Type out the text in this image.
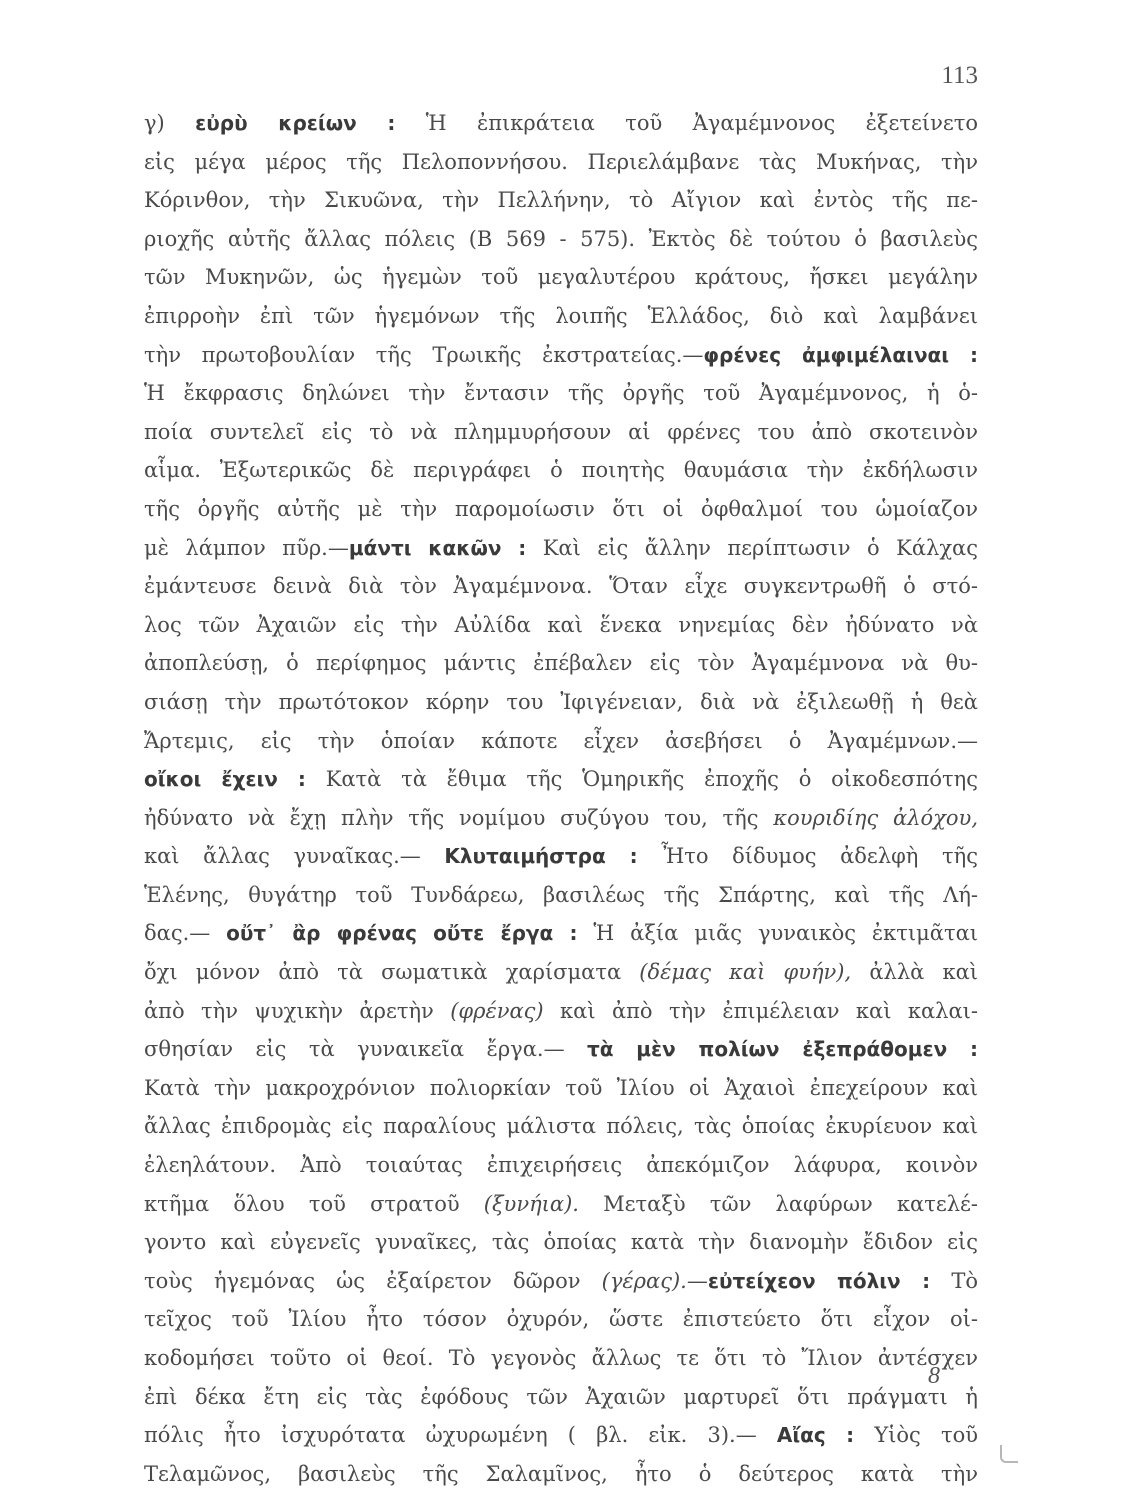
113
γ) εὐρὺ κρείων : Ἡ ἐπικράτεια τοῦ Ἀγαμέμνονος ἐξετείνετο
εἰς μέγα μέρος τῆς Πελοποννήσου. Περιελάμβανε τὰς Μυκήνας, τὴν
Κόρινθον, τὴν Σικυῶνα, τὴν Πελλήνην, τὸ Αἴγιον καὶ ἐντὸς τῆς πε-
ριοχῆς αὐτῆς ἄλλας πόλεις (B 569 - 575). Ἐκτὸς δὲ τούτου ὁ βασιλεὺς
τῶν Μυκηνῶν, ὡς ἡγεμὼν τοῦ μεγαλυτέρου κράτους, ἤσκει μεγάλην
ἐπιρροὴν ἐπὶ τῶν ἡγεμόνων τῆς λοιπῆς Ἑλλάδος, διὸ καὶ λαμβάνει
τὴν πρωτοβουλίαν τῆς Τρωικῆς ἐκστρατείας.—φρένες ἀμφιμέλαιναι :
Ἡ ἔκφρασις δηλώνει τὴν ἔντασιν τῆς ὀργῆς τοῦ Ἀγαμέμνονος, ἡ ὁ-
ποία συντελεῖ εἰς τὸ νὰ πλημμυρήσουν αἱ φρένες του ἀπὸ σκοτεινὸν
αἷμα. Ἐξωτερικῶς δὲ περιγράφει ὁ ποιητὴς θαυμάσια τὴν ἐκδήλωσιν
τῆς ὀργῆς αὐτῆς μὲ τὴν παρομοίωσιν ὅτι οἱ ὀφθαλμοί του ὡμοίαζον
μὲ λάμπον πῦρ.—μάντι κακῶν : Καὶ εἰς ἄλλην περίπτωσιν ὁ Κάλχας
ἐμάντευσε δεινὰ διὰ τὸν Ἀγαμέμνονα. Ὅταν εἶχε συγκεντρωθῆ ὁ στό-
λος τῶν Ἀχαιῶν εἰς τὴν Αὐλίδα καὶ ἕνεκα νηνεμίας δὲν ἠδύνατο νὰ
ἀποπλεύσῃ, ὁ περίφημος μάντις ἐπέβαλεν εἰς τὸν Ἀγαμέμνονα νὰ θυ-
σιάσῃ τὴν πρωτότοκον κόρην του Ἰφιγένειαν, διὰ νὰ ἐξιλεωθῇ ἡ θεὰ
Ἄρτεμις, εἰς τὴν ὁποίαν κάποτε εἶχεν ἀσεβήσει ὁ Ἀγαμέμνων.—
οἴκοι ἔχειν : Κατὰ τὰ ἔθιμα τῆς Ὁμηρικῆς ἐποχῆς ὁ οἰκοδεσπότης
ἠδύνατο νὰ ἔχῃ πλὴν τῆς νομίμου συζύγου του, τῆς κουριδίης ἀλόχου,
καὶ ἄλλας γυναῖκας.— Κλυταιμήστρα : Ἦτο δίδυμος ἀδελφὴ τῆς
Ἑλένης, θυγάτηρ τοῦ Τυνδάρεω, βασιλέως τῆς Σπάρτης, καὶ τῆς Λή-
δας.— οὔτ᾽ ἂρ φρένας οὔτε ἔργα : Ἡ ἀξία μιᾶς γυναικὸς ἐκτιμᾶται
ὄχι μόνον ἀπὸ τὰ σωματικὰ χαρίσματα (δέμας καὶ φυήν), ἀλλὰ καὶ
ἀπὸ τὴν ψυχικὴν ἀρετὴν (φρένας) καὶ ἀπὸ τὴν ἐπιμέλειαν καὶ καλαι-
σθησίαν εἰς τὰ γυναικεῖα ἔργα.— τὰ μὲν πολίων ἐξεπράθομεν :
Κατὰ τὴν μακροχρόνιον πολιορκίαν τοῦ Ἰλίου οἱ Ἀχαιοὶ ἐπεχείρουν καὶ
ἄλλας ἐπιδρομὰς εἰς παραλίους μάλιστα πόλεις, τὰς ὁποίας ἐκυρίευον καὶ
ἐλεηλάτουν. Ἀπὸ τοιαύτας ἐπιχειρήσεις ἀπεκόμιζον λάφυρα, κοινὸν
κτῆμα ὅλου τοῦ στρατοῦ (ξυνήια). Μεταξὺ τῶν λαφύρων κατελέ-
γοντο καὶ εὐγενεῖς γυναῖκες, τὰς ὁποίας κατὰ τὴν διανομὴν ἔδιδον εἰς
τοὺς ἡγεμόνας ὡς ἐξαίρετον δῶρον (γέρας).—εὐτείχεον πόλιν : Τὸ
τεῖχος τοῦ Ἰλίου ἦτο τόσον ὀχυρόν, ὥστε ἐπιστεύετο ὅτι εἶχον οἰ-
κοδομήσει τοῦτο οἱ θεοί. Τὸ γεγονὸς ἄλλως τε ὅτι τὸ Ἴλιον ἀντέσχεν
ἐπὶ δέκα ἔτη εἰς τὰς ἐφόδους τῶν Ἀχαιῶν μαρτυρεῖ ὅτι πράγματι ἡ
πόλις ἦτο ἰσχυρότατα ὠχυρωμένη ( βλ. εἰκ. 3).— Αἴας : Υἱὸς τοῦ
Τελαμῶνος, βασιλεὺς τῆς Σαλαμῖνος, ἦτο ὁ δεύτερος κατὰ τὴν
8
